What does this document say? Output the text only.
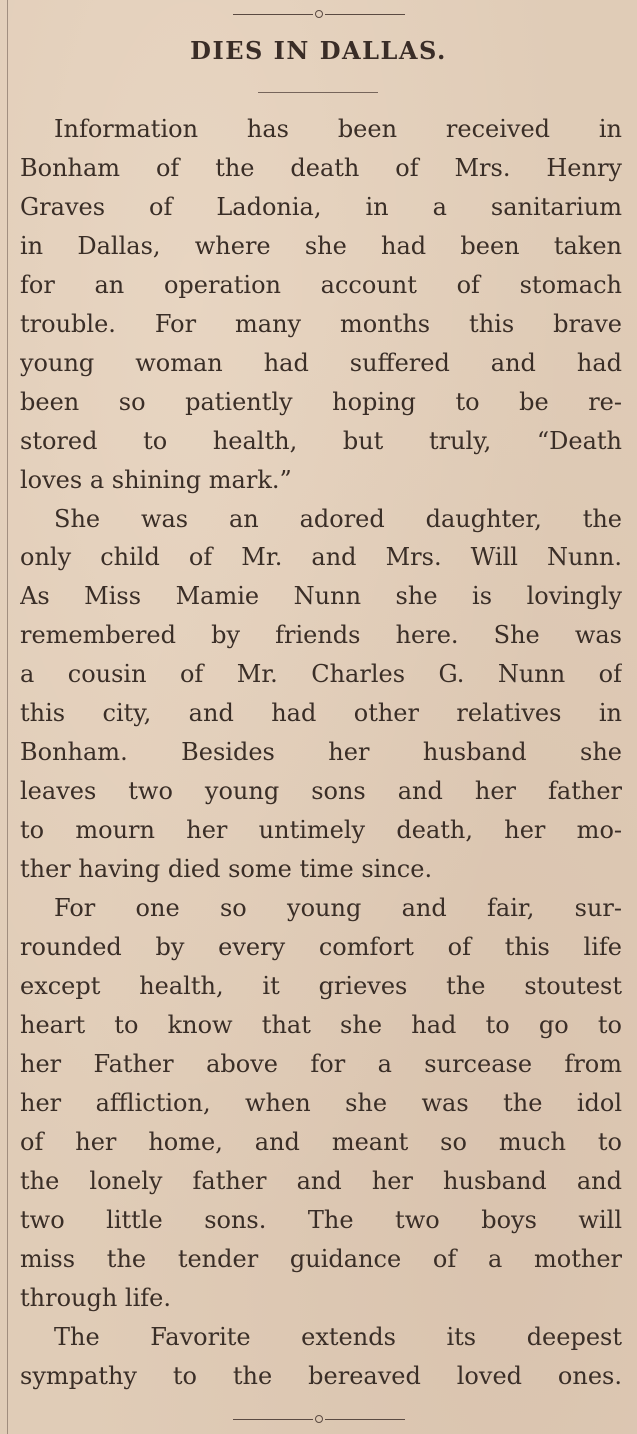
DIES IN DALLAS.
Information has been received in
Bonham of the death of Mrs. Henry
Graves of Ladonia, in a sanitarium
in Dallas, where she had been taken
for an operation account of stomach
trouble. For many months this brave
young woman had suffered and had
been so patiently hoping to be re-
stored to health, but truly, “Death
loves a shining mark.”
She was an adored daughter, the
only child of Mr. and Mrs. Will Nunn.
As Miss Mamie Nunn she is lovingly
remembered by friends here. She was
a cousin of Mr. Charles G. Nunn of
this city, and had other relatives in
Bonham. Besides her husband she
leaves two young sons and her father
to mourn her untimely death, her mo-
ther having died some time since.
For one so young and fair, sur-
rounded by every comfort of this life
except health, it grieves the stoutest
heart to know that she had to go to
her Father above for a surcease from
her affliction, when she was the idol
of her home, and meant so much to
the lonely father and her husband and
two little sons. The two boys will
miss the tender guidance of a mother
through life.
The Favorite extends its deepest
sympathy to the bereaved loved ones.
